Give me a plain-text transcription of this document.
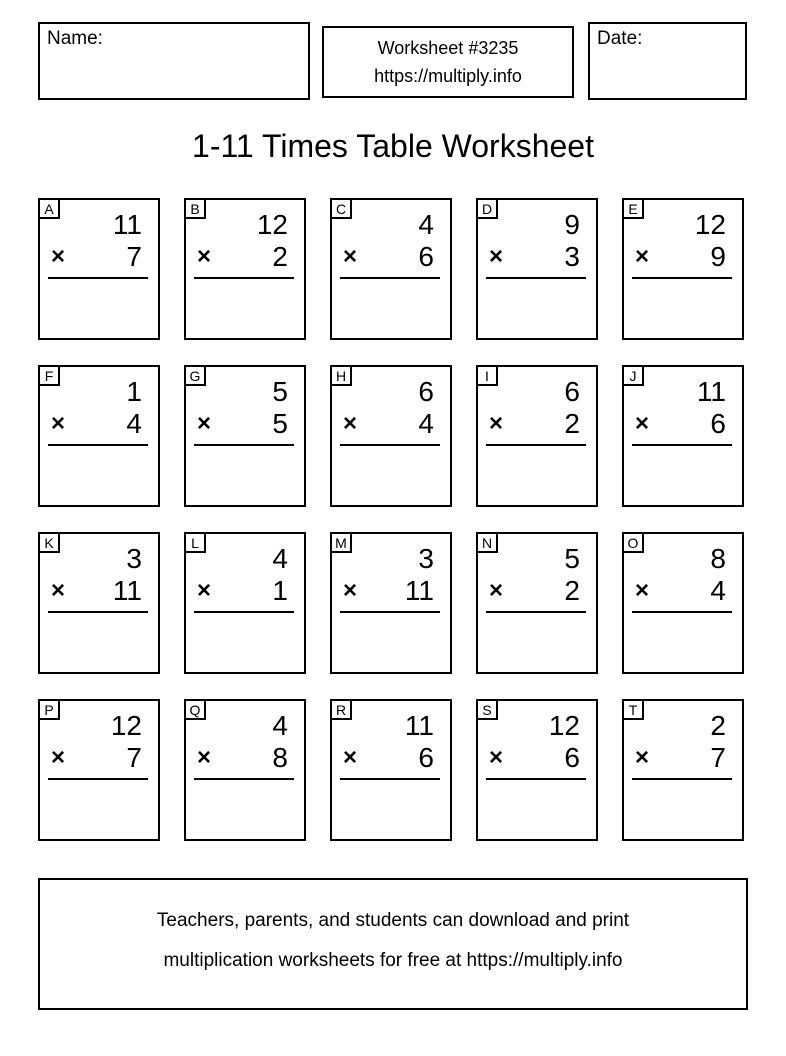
Name:	Worksheet #3235
https://multiply.info
Date:
1-11 Times Table Worksheet
A
11
× 7
B
12
× 2
C
4
× 6
D
9
× 3
E
12
× 9
F
1
× 4
G
5
× 5
H
6
× 4
I
6
× 2
J
11
× 6
K
3
× 11
L
4
× 1
M
3
× 11
N
5
× 2
O
8
× 4
P
12
× 7
Q
4
× 8
R
11
× 6
S
12
× 6
T
2
× 7
Teachers, parents, and students can download and print
multiplication worksheets for free at https://multiply.info
